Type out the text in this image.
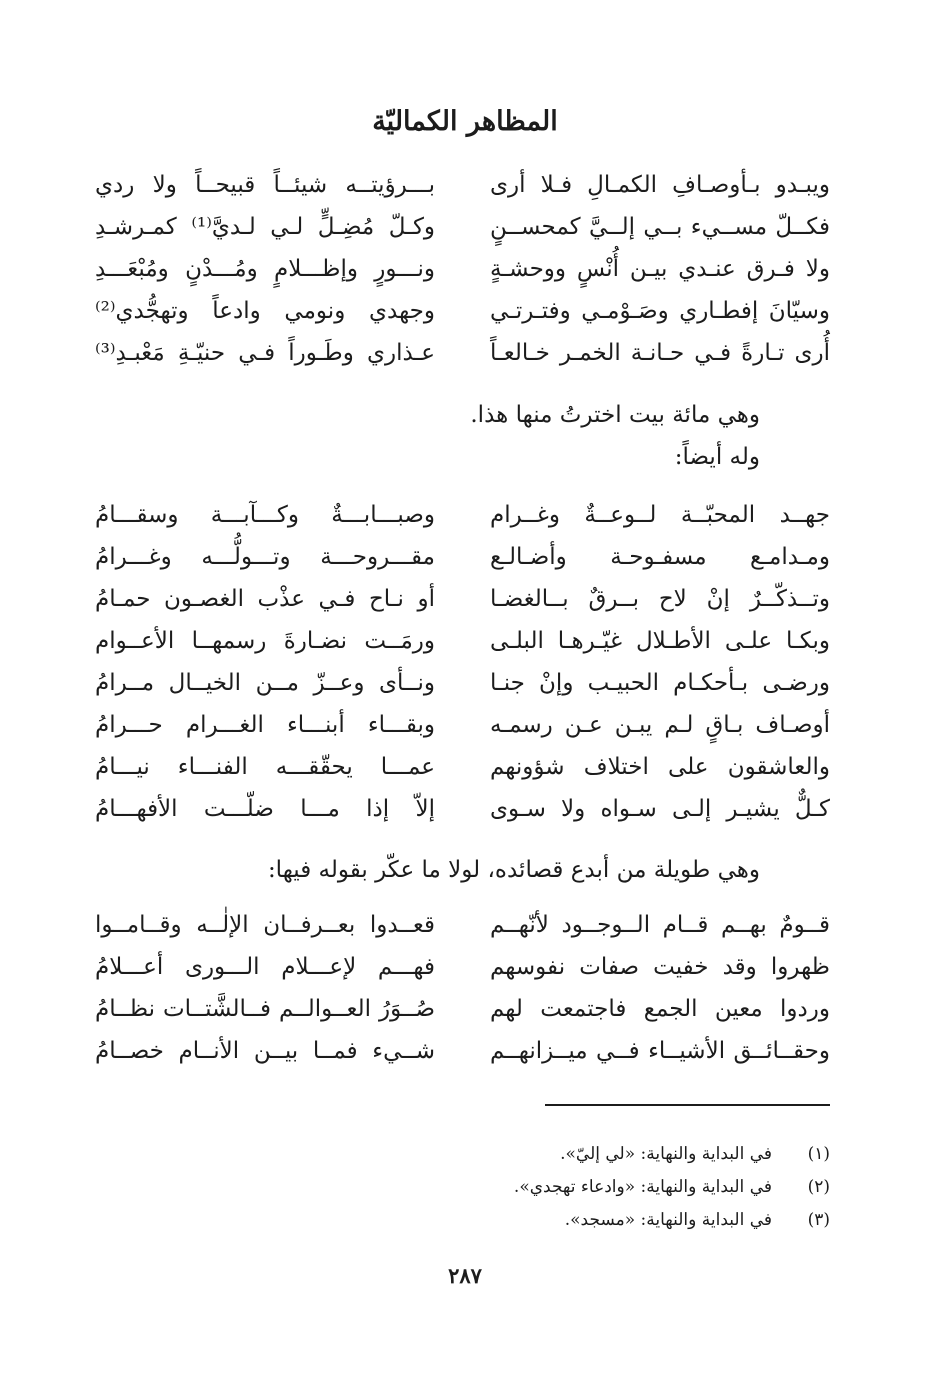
المظاهر الكماليّة
ويبـدو بـأوصـافِ الكمـالِ فـلا أرى
بـــرؤيتــه شيئــاً قبيحــاً ولا ردي
فكــلّ مســيء بــي إلــيَّ كمحســنٍ
وكـلّ مُضِـلٍّ لـي لـديَّ⁽¹⁾ كمـرشـدِ
ولا فـرق عنـدي بيـن أُنْسٍ ووحشـةٍ
ونـــورٍ وإظـــلامٍ ومُـــدْنٍ ومُبْعَـــدِ
وسيّانَ إفطـاري وصَـوْمـي وفتـرتـي
وجهدي ونومي وادعاً وتهجُّدي⁽²⁾
أُرى تـارةً فـي حـانـة الخمـر خـالعـاً
عـذاري وطَـوراً فـي حنيّـةِ مَعْبـدِ⁽³⁾

وهي مائة بيت اخترتُ منها هذا.

وله أيضاً:

جهــد المحبّــة لــوعــةٌ وغــرام
وصبـــابـــةٌ وكـــآبـــة وسقـــامُ
ومـدامـع مسفـوحـة وأضـالـع
مقـــروحـــة وتـــولُّـــه وغـــرامُ
وتــذكّــرٌ إنْ لاح بــرقٌ بــالغضـا
أو نـاح فـي عذْب الغصـون حمـامُ
وبكـا علـى الأطـلال غيّـرهـا البلـى
ورمَــت نضـارةَ رسمهــا الأعــوام
ورضـى بـأحكـام الحبيـب وإنْ جنـا
ونــأى وعــزّ مــن الخيــال مــرامُ
أوصـاف بـاقٍ لـم يبـن عـن رسمـه
وبقـــاء أبنـــاء الغـــرام حـــرامُ
والعاشقون على اختلاف شؤونهم
عمـــا يحقّقـــه الفنـــاء نيـــامُ
كـلٌّ يشيـر إلـى سـواه ولا سـوى
إلاّ إذا مـــا ضلّـــت الأفهـــامُ

وهي طويلة من أبدع قصائده، لولا ما عكّر بقوله فيها:

قــومٌ بهــم قــام الــوجــود لأنّهــم
قعــدوا بعــرفــان الإلٰــه وقــامــوا
ظهروا وقد خفيت صفات نفوسهم
فهـــم لإعـــلام الـــورى أعـــلامُ
وردوا معين الجمع فاجتمعت لهم
صُــوَرُ العــوالــم فــالشَّتــات نظــامُ
وحقــائــق الأشيــاء فــي ميــزانهــم
شــيء فمــا بيــن الأنــام خصــامُ
(١)في البداية والنهاية: «لي إليّ».
(٢)في البداية والنهاية: «وادعاء تهجدي».
(٣)في البداية والنهاية: «مسجد».
٢٨٧
